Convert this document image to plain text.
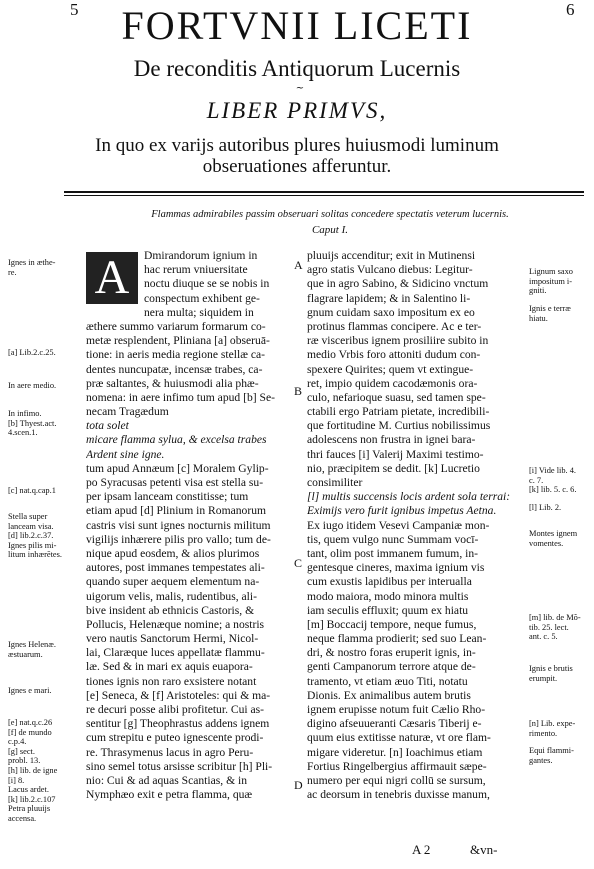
5	6
FORTVNII LICETI
De reconditis Antiquorum Lucernis
~
LIBER PRIMVS,
In quo ex varijs autoribus plures huiusmodi luminum
obseruationes afferuntur.
Flammas admirabiles passim obseruari solitas concedere spectatis veterum lucernis.
Caput I.
A	Dmirandorum ignium in
hac rerum vniuersitate
noctu diuque se se nobis in
conspectum exhibent ge-
nera multa; siquidem in
æthere summo variarum formarum co-
metæ resplendent, Pliniana [a] obseruā-
tione: in aeris media regione stellæ ca-
dentes nuncupatæ, incensæ trabes, ca-
præ saltantes, & huiusmodi alia phæ-
nomena: in aere infimo tum apud [b] Se-
necam Tragædum
tota solet
micare flamma sylua, & excelsa trabes
Ardent sine igne.
tum apud Annæum [c] Moralem Gylip-
po Syracusas petenti visa est stella su-
per ipsam lanceam constitisse; tum
etiam apud [d] Plinium in Romanorum
castris visi sunt ignes nocturnis militum
vigilijs inhærere pilis pro vallo; tum de-
nique apud eosdem, & alios plurimos
autores, post immanes tempestates ali-
quando super aequem elementum na-
uigorum velis, malis, rudentibus, ali-
bive insident ab ethnicis Castoris, &
Pollucis, Helenæque nomine; a nostris
vero nautis Sanctorum Hermi, Nicol-
lai, Claræque luces appellatæ flammu-
læ. Sed & in mari ex aquis euapora-
tiones ignis non raro exsistere notant
[e] Seneca, & [f] Aristoteles: qui & ma-
re decuri posse alibi profitetur. Cui as-
sentitur [g] Theophrastus addens ignem
cum strepitu e puteo ignescente prodi-
re. Thrasymenus lacus in agro Peru-
sino semel totus arsisse scribitur [h] Pli-
nio: Cui & ad aquas Scantias, & in
Nymphæo exit e petra flamma, quæ
pluuijs accenditur; exit in Mutinensi
agro statis Vulcano diebus: Legitur-
que in agro Sabino, & Sidicino vnctum
flagrare lapidem; & in Salentino li-
gnum cuidam saxo impositum ex eo
protinus flammas concipere. Ac e ter-
ræ visceribus ignem prosiliire subito in
medio Vrbis foro attoniti dudum con-
spexere Quirites; quem vt extingue-
ret, impio quidem cacodæmonis ora-
culo, nefarioque suasu, sed tamen spe-
ctabili ergo Patriam pietate, incredibili-
que fortitudine M. Curtius nobilissimus
adolescens non frustra in ignei bara-
thri fauces [i] Valerij Maximi testimo-
nio, præcipitem se dedit. [k] Lucretio
consimiliter
[l] multis succensis locis ardent sola terrai:
Eximijs vero furit ignibus impetus Aetna.
Ex iugo itidem Vesevi Campaniæ mon-
tis, quem vulgo nunc Summam vocī-
tant, olim post immanem fumum, in-
gentesque cineres, maxima ignium vis
cum exustis lapidibus per interualla
modo maiora, modo minora multis
iam seculis effluxit; quum ex hiatu
[m] Boccacij tempore, neque fumus,
neque flamma prodierit; sed suo Lean-
dri, & nostro foras eruperit ignis, in-
genti Campanorum terrore atque de-
tramento, vt etiam æuo Titi, notatu
Dionis. Ex animalibus autem brutis
ignem erupisse notum fuit Cælio Rho-
digino afseuueranti Cæsaris Tiberij e-
quum eius extitisse naturæ, vt ore flam-
migare videretur. [n] Ioachimus etiam
Fortius Ringelbergius affirmauit sæpe-
numero per equi nigri collū se sursum,
ac deorsum in tenebris duxisse manum,
A
B
C
D
Ignes in æthe-
re.
[a] Lib.2.c.25.
In aere medio.
In infimo.
[b] Thyest.act.
4.scen.1.
[c] nat.q.cap.1
Stella super
lanceam visa.
[d] lib.2.c.37.
Ignes pilis mi-
litum inhærētes.
Ignes Helenæ.
æstuarum.
Ignes e mari.
[e] nat.q.c.26
[f] de mundo
c.p.4.
[g] sect.
probl. 13.
[h] lib. de igne
[i] 8.
Lacus ardet.
[k] lib.2.c.107
Petra pluuijs
accensa.
Lignum saxo
impositum i-
gniti.
Ignis e terræ
hiatu.
[i] Vide lib. 4.
c. 7.
[k] lib. 5. c. 6.
[l] Lib. 2.
Montes ignem
vomentes.
[m] lib. de Mõ-
tib. 25. lect.
ant. c. 5.
Ignis e brutis
erumpit.
[n] Lib. expe-
rimento.
Equi flammi-
gantes.
A 2	&vn-
